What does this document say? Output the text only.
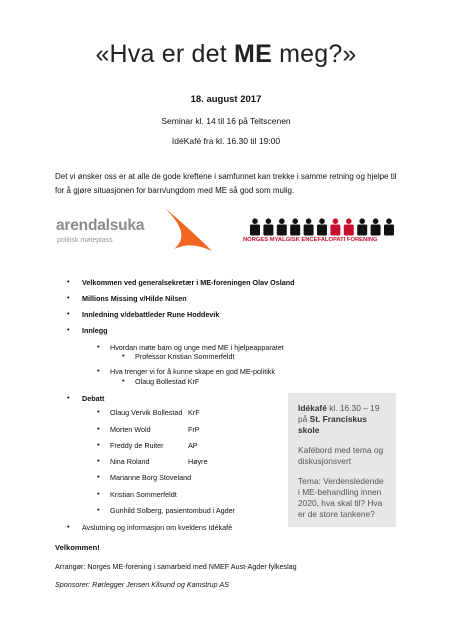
«Hva er det ME meg?»
18. august 2017
Seminar kl. 14 til 16 på Teltscenen
IdéKafé fra kl. 16.30 til 19:00
Det vi ønsker oss er at alle de gode kreftene i samfunnet kan trekke i samme retning og hjelpe til for å gjøre situasjonen for barn/ungdom med ME så god som mulig.
arendalsuka
politisk møteplass	NORGES MYALGISK ENCEFALOPATI FORENING
• Velkommen ved generalsekretær i ME-foreningen Olav Osland
• Millions Missing v/Hilde Nilsen
• Innledning v/debattleder Rune Hoddevik
• Innlegg
• Hvordan møte barn og unge med ME i hjelpeapparatet
• Professor Kristian Sommerfeldt
• Hva trenger vi for å kunne skape en god ME-politikk
• Olaug Bollestad KrF
• Debatt
• Olaug Vervik Bollestad KrF
• Morten Wold	FrP
• Freddy de Ruiter	AP
• Nina Roland	Høyre
• Marianne Borg Stoveland
• Kristian Sommerfeldt
• Gunhild Solberg, pasientombud i Agder
• Avslutning og informasjon om kveldens Idékafé

Idékafé kl. 16.30 – 19 på St. Franciskus skole

Kafébord med tema og diskusjonsvert

Tema: Verdensledende i ME-behandling innen 2020, hva skal til? Hva er de store tankene?

Velkommen!
Arrangør: Norges ME-forening i samarbeid med NMEF Aust-Agder fylkeslag
Sponsorer: Rørlegger Jensen Kilsund og Kamstrup AS
